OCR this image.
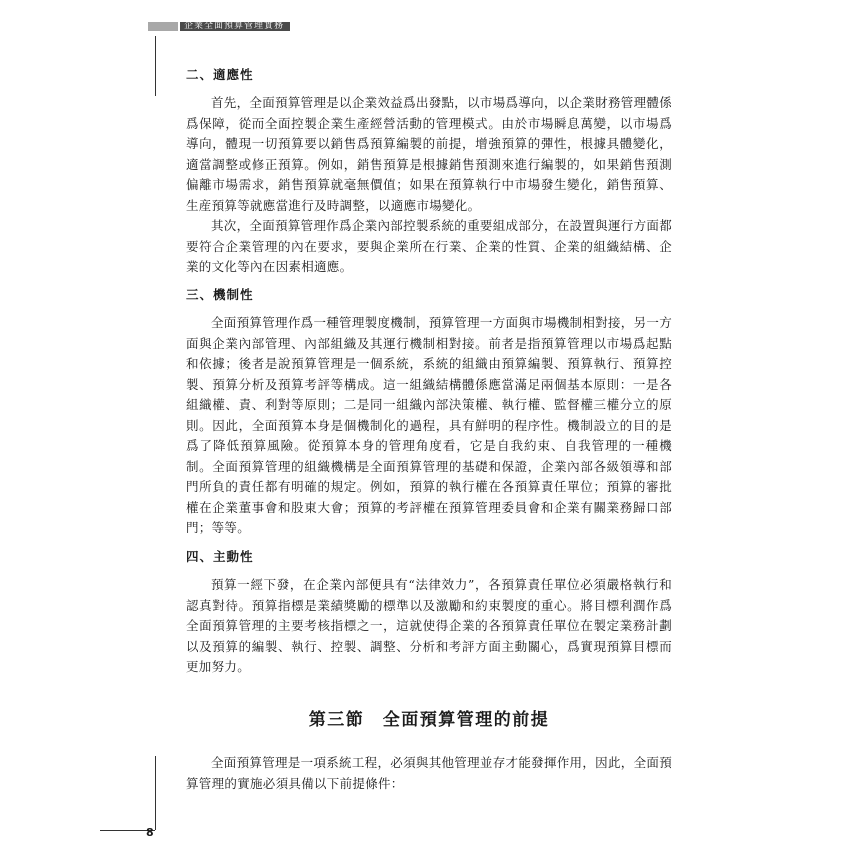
企業全面預算管理實務
8
二、適應性

首先，全面預算管理是以企業效益爲出發點，以市場爲導向，以企業財務管理體係爲保障，從而全面控製企業生產經營活動的管理模式。由於市場瞬息萬變，以市場爲導向，體現一切預算要以銷售爲預算編製的前提，增強預算的彈性，根據具體變化，適當調整或修正預算。例如，銷售預算是根據銷售預測來進行編製的，如果銷售預測偏離市場需求，銷售預算就毫無價值；如果在預算執行中市場發生變化，銷售預算、生産預算等就應當進行及時調整，以適應市場變化。

其次，全面預算管理作爲企業內部控製系統的重要組成部分，在設置與運行方面都要符合企業管理的內在要求，要與企業所在行業、企業的性質、企業的組織結構、企業的文化等內在因素相適應。

三、機制性

全面預算管理作爲一種管理製度機制，預算管理一方面與市場機制相對接，另一方面與企業內部管理、內部組織及其運行機制相對接。前者是指預算管理以市場爲起點和依據；後者是說預算管理是一個系統，系統的組織由預算編製、預算執行、預算控製、預算分析及預算考評等構成。這一組織結構體係應當滿足兩個基本原則：一是各組織權、責、利對等原則；二是同一組織內部決策權、執行權、監督權三權分立的原則。因此，全面預算本身是個機制化的過程，具有鮮明的程序性。機制設立的目的是爲了降低預算風險。從預算本身的管理角度看，它是自我約束、自我管理的一種機制。全面預算管理的組織機構是全面預算管理的基礎和保證，企業內部各級領導和部門所負的責任都有明確的規定。例如，預算的執行權在各預算責任單位；預算的審批權在企業董事會和股東大會；預算的考評權在預算管理委員會和企業有關業務歸口部門；等等。

四、主動性

預算一經下發，在企業內部便具有“法律效力”，各預算責任單位必須嚴格執行和認真對待。預算指標是業績獎勵的標準以及激勵和約束製度的重心。將目標利潤作爲全面預算管理的主要考核指標之一，這就使得企業的各預算責任單位在製定業務計劃以及預算的編製、執行、控製、調整、分析和考評方面主動關心，爲實現預算目標而更加努力。

第三節　全面預算管理的前提

全面預算管理是一項系統工程，必須與其他管理並存才能發揮作用，因此，全面預算管理的實施必須具備以下前提條件：
